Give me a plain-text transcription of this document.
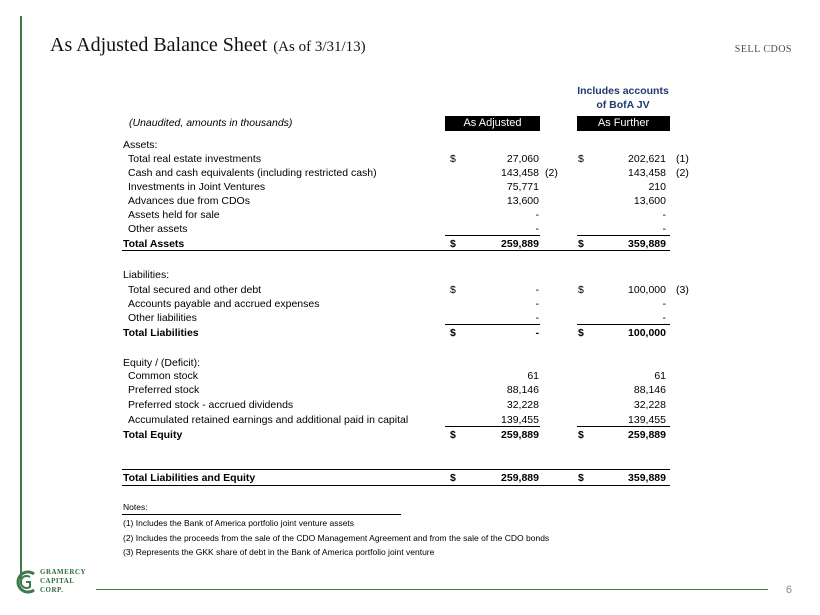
As Adjusted Balance Sheet (As of 3/31/13)	SELL CDOS
Includes accounts
of BofA JV
(Unaudited, amounts in thousands)	As Adjusted	As Further
Assets:
Total real estate investments	$	27,060	$	202,621 (1)
Cash and cash equivalents (including restricted cash)	143,458 (2)	143,458 (2)
Investments in Joint Ventures	75,771	210
Advances due from CDOs	13,600	13,600
Assets held for sale	-	-
Other assets	-	-
Total Assets	$	259,889	$	359,889
Liabilities:
Total secured and other debt	$	-	$	100,000 (3)
Accounts payable and accrued expenses	-	-
Other liabilities	-	-
Total Liabilities	$	-	$	100,000
Equity / (Deficit):
Common stock	61	61
Preferred stock	88,146	88,146
Preferred stock - accrued dividends	32,228	32,228
Accumulated retained earnings and additional paid in capital	139,455	139,455
Total Equity	$	259,889	$	259,889
Total Liabilities and Equity	$	259,889	$	359,889
Notes:
(1) Includes the Bank of America portfolio joint venture assets
(2) Includes the proceeds from the sale of the CDO Management Agreement and from the sale of the CDO bonds
(3) Represents the GKK share of debt in the Bank of America portfolio joint venture
GRAMERCY
CAPITAL
CORP.	6
